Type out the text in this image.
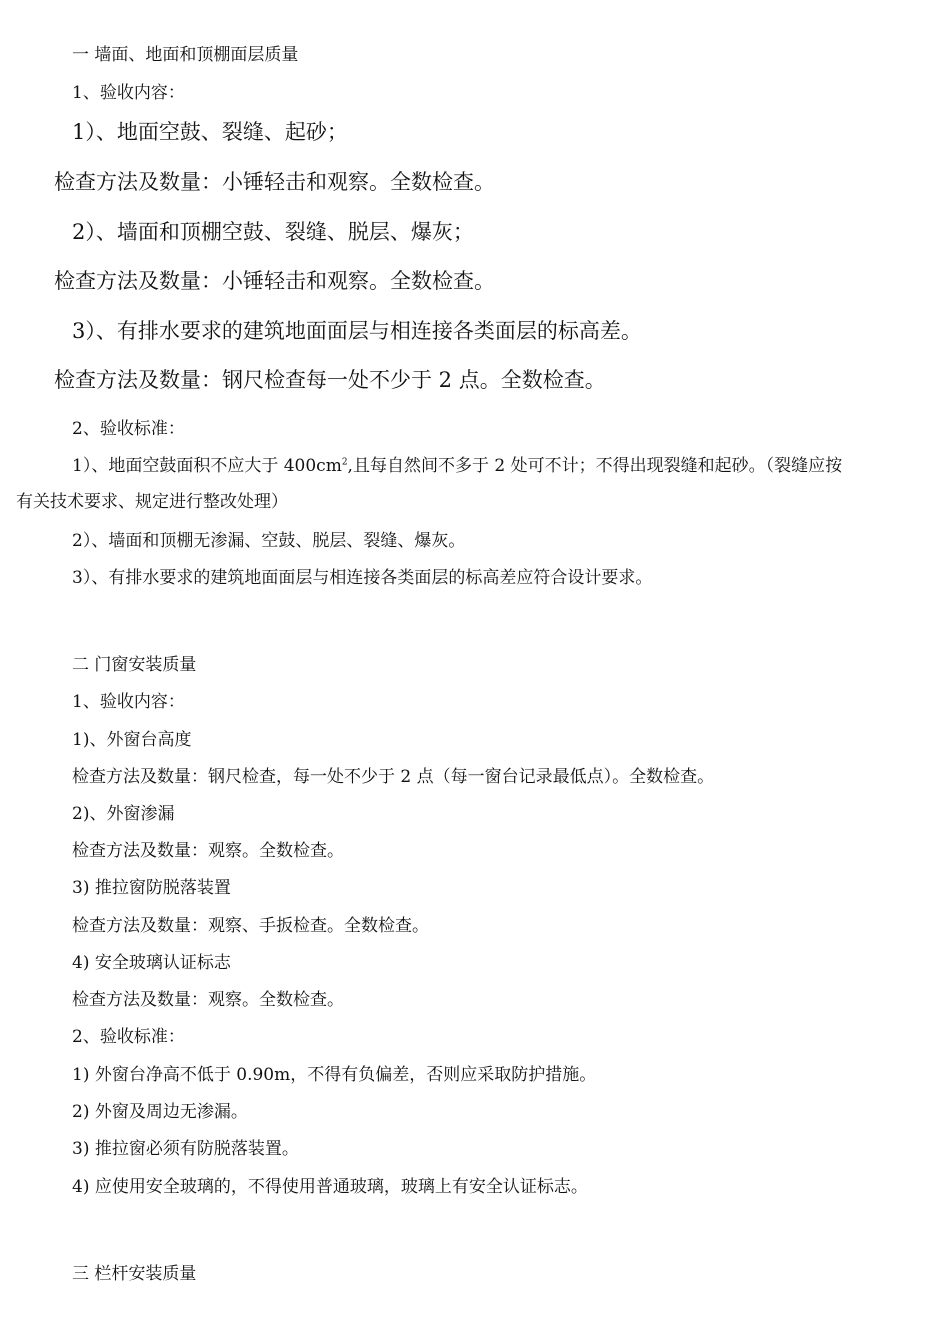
一 墙面、地面和顶棚面层质量
1、验收内容：
1）、地面空鼓、裂缝、起砂；
检查方法及数量：小锤轻击和观察。全数检查。
2）、墙面和顶棚空鼓、裂缝、脱层、爆灰；
检查方法及数量：小锤轻击和观察。全数检查。
3）、有排水要求的建筑地面面层与相连接各类面层的标高差。
检查方法及数量：钢尺检查每一处不少于 2 点。全数检查。
2、验收标准：
1）、地面空鼓面积不应大于 $400cm^2$,且每自然间不多于 2 处可不计；不得出现裂缝和起砂。（裂缝应按
有关技术要求、规定进行整改处理）
2）、墙面和顶棚无渗漏、空鼓、脱层、裂缝、爆灰。
3）、有排水要求的建筑地面面层与相连接各类面层的标高差应符合设计要求。
二 门窗安装质量
1、验收内容：
1)、外窗台高度
检查方法及数量：钢尺检查，每一处不少于 2 点（每一窗台记录最低点）。全数检查。
2)、外窗渗漏
检查方法及数量：观察。全数检查。
3) 推拉窗防脱落装置
检查方法及数量：观察、手扳检查。全数检查。
4) 安全玻璃认证标志
检查方法及数量：观察。全数检查。
2、验收标准：
1) 外窗台净高不低于 0.90m，不得有负偏差，否则应采取防护措施。
2) 外窗及周边无渗漏。
3) 推拉窗必须有防脱落装置。
4) 应使用安全玻璃的，不得使用普通玻璃，玻璃上有安全认证标志。
三 栏杆安装质量
